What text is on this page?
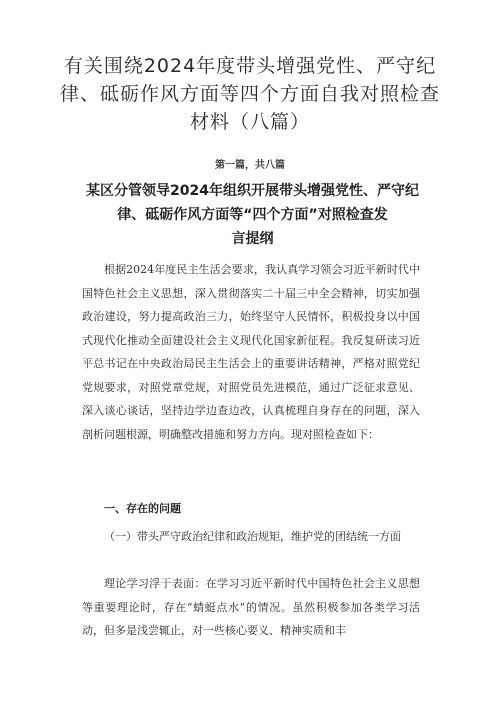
有关围绕2024年度带头增强党性、严守纪
律、砥砺作风方面等四个方面自我对照检查
材料（八篇）
第一篇，共八篇
某区分管领导2024年组织开展带头增强党性、严守纪
律、砥砺作风方面等“四个方面”对照检查发
言提纲

根据2024年度民主生活会要求，我认真学习领会习近平新时代中国特色社会主义思想，深入贯彻落实二十届三中全会精神，切实加强政治建设，努力提高政治三力，始终坚守人民情怀，积极投身以中国式现代化推动全面建设社会主义现代化国家新征程。我反复研读习近平总书记在中央政治局民主生活会上的重要讲话精神，严格对照党纪党规要求，对照党章党规，对照党员先进模范，通过广泛征求意见、深入谈心谈话，坚持边学边查边改，认真梳理自身存在的问题，深入剖析问题根源，明确整改措施和努力方向。现对照检查如下：

一、存在的问题

（一）带头严守政治纪律和政治规矩，维护党的团结统一方面

理论学习浮于表面：在学习习近平新时代中国特色社会主义思想等重要理论时，存在“蜻蜓点水”的情况。虽然积极参加各类学习活动，但多是浅尝辄止，对一些核心要义、精神实质和丰
